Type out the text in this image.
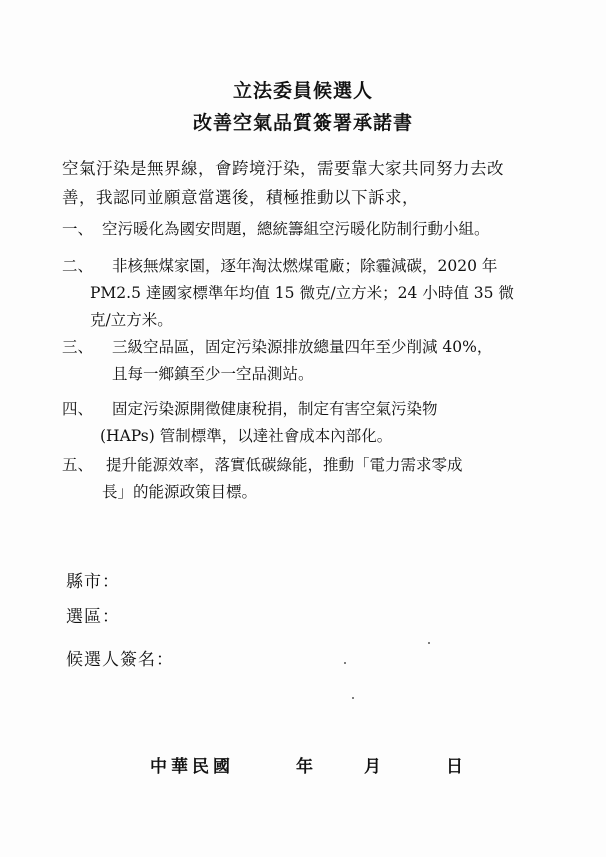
立法委員候選人
改善空氣品質簽署承諾書
空氣汙染是無界線，會跨境汙染，需要靠大家共同努力去改
善，我認同並願意當選後，積極推動以下訴求，
一、 空污暖化為國安問題，總統籌組空污暖化防制行動小組。
二、	非核無煤家園，逐年淘汰燃煤電廠；除霾減碳，2020 年
PM2.5 達國家標準年均值 15 微克/立方米；24 小時值 35 微
克/立方米。
三、	三級空品區，固定污染源排放總量四年至少削減 40%，
且每一鄉鎮至少一空品測站。
四、	固定污染源開徵健康稅捐，制定有害空氣污染物
(HAPs) 管制標準，以達社會成本內部化。
五、 提升能源效率，落實低碳綠能，推動「電力需求零成
長」的能源政策目標。
縣市：
選區：
候選人簽名：
中華民國	年	月	日
